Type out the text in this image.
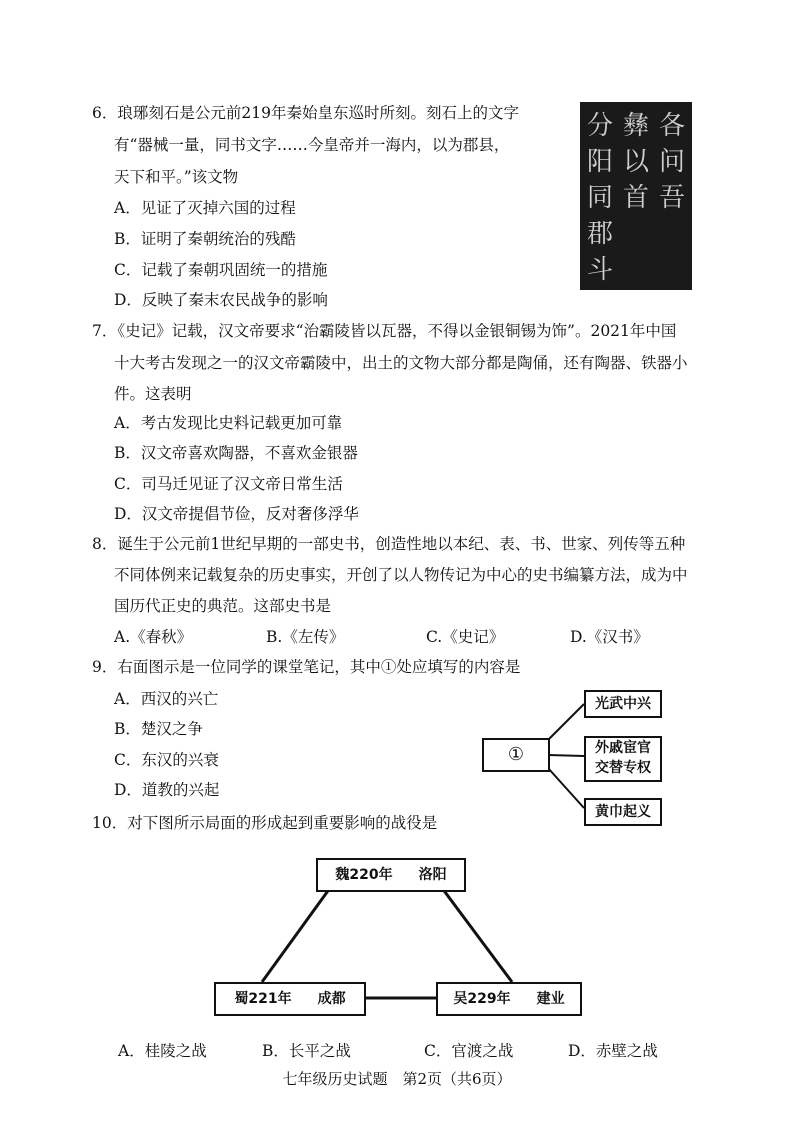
6．琅琊刻石是公元前219年秦始皇东巡时所刻。刻石上的文字
有“器械一量，同书文字……今皇帝并一海内，以为郡县，
天下和平。”该文物
A．见证了灭掉六国的过程
B．证明了秦朝统治的残酷
C．记载了秦朝巩固统一的措施
D．反映了秦末农民战争的影响
分阳同郡斗
彝以首
各问吾
7．《史记》记载，汉文帝要求“治霸陵皆以瓦器，不得以金银铜锡为饰”。2021年中国
十大考古发现之一的汉文帝霸陵中，出土的文物大部分都是陶俑，还有陶器、铁器小
件。这表明
A．考古发现比史料记载更加可靠
B．汉文帝喜欢陶器，不喜欢金银器
C．司马迁见证了汉文帝日常生活
D．汉文帝提倡节俭，反对奢侈浮华
8．诞生于公元前1世纪早期的一部史书，创造性地以本纪、表、书、世家、列传等五种
不同体例来记载复杂的历史事实，开创了以人物传记为中心的史书编纂方法，成为中
国历代正史的典范。这部史书是
A.《春秋》	B.《左传》	C.《史记》	D.《汉书》
9．右面图示是一位同学的课堂笔记，其中①处应填写的内容是
A．西汉的兴亡
B．楚汉之争
C．东汉的兴衰
D．道教的兴起
①
光武中兴
外戚宦官
交替专权
黄巾起义
10．对下图所示局面的形成起到重要影响的战役是
魏220年 洛阳
蜀221年 成都	吴229年 建业
A．桂陵之战	B．长平之战	C．官渡之战	D．赤壁之战
七年级历史试题　第2页（共6页）
